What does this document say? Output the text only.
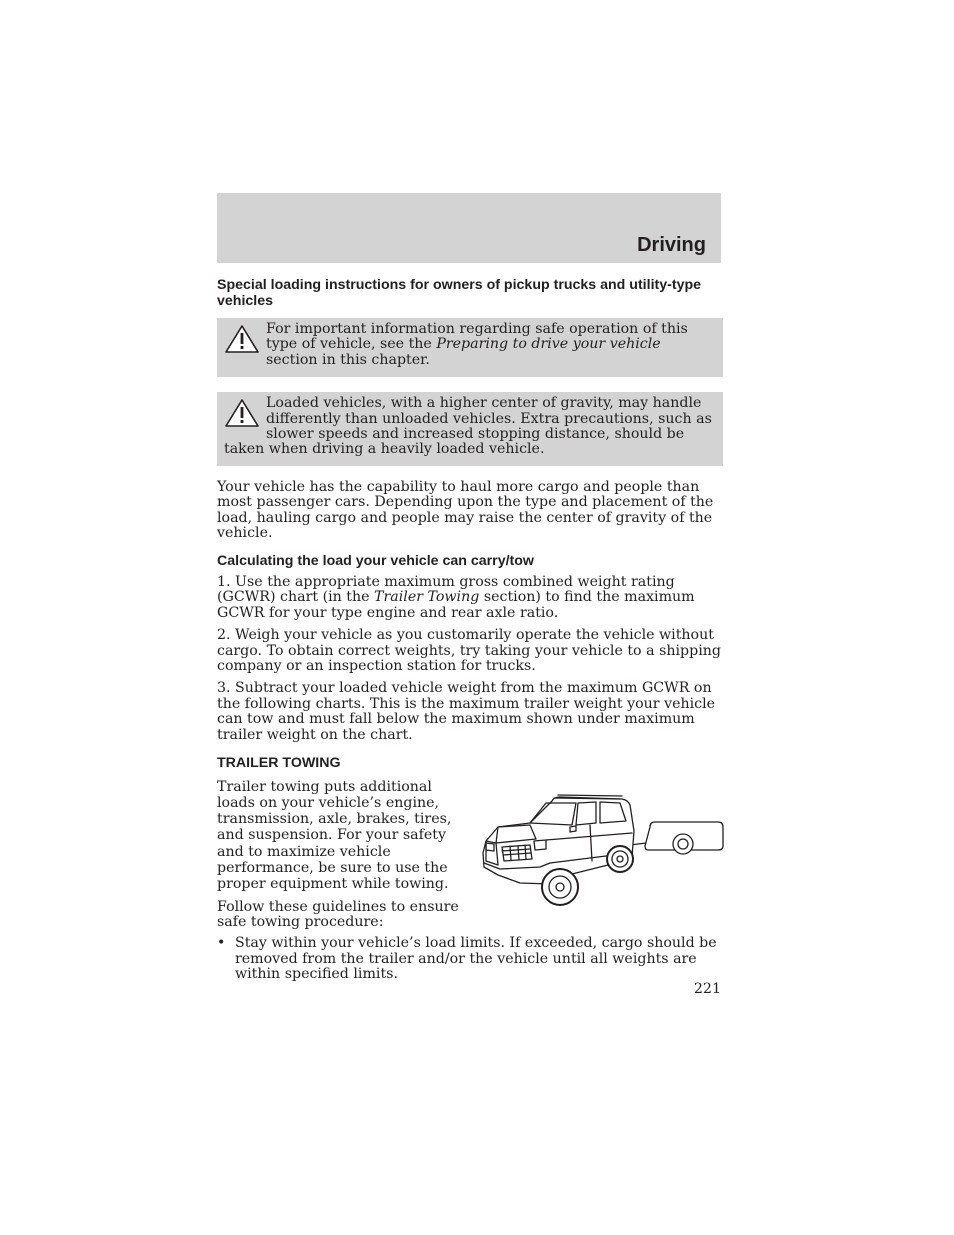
Driving
Special loading instructions for owners of pickup trucks and utility-type vehicles

For important information regarding safe operation of this type of vehicle, see the Preparing to drive your vehicle section in this chapter.

Loaded vehicles, with a higher center of gravity, may handle differently than unloaded vehicles. Extra precautions, such as slower speeds and increased stopping distance, should be taken when driving a heavily loaded vehicle.

Your vehicle has the capability to haul more cargo and people than most passenger cars. Depending upon the type and placement of the load, hauling cargo and people may raise the center of gravity of the vehicle.

Calculating the load your vehicle can carry/tow

1. Use the appropriate maximum gross combined weight rating (GCWR) chart (in the Trailer Towing section) to find the maximum GCWR for your type engine and rear axle ratio.

2. Weigh your vehicle as you customarily operate the vehicle without cargo. To obtain correct weights, try taking your vehicle to a shipping company or an inspection station for trucks.

3. Subtract your loaded vehicle weight from the maximum GCWR on the following charts. This is the maximum trailer weight your vehicle can tow and must fall below the maximum shown under maximum trailer weight on the chart.

TRAILER TOWING

Trailer towing puts additional loads on your vehicle’s engine, transmission, axle, brakes, tires, and suspension. For your safety and to maximize vehicle performance, be sure to use the proper equipment while towing.

Follow these guidelines to ensure safe towing procedure:

• Stay within your vehicle’s load limits. If exceeded, cargo should be removed from the trailer and/or the vehicle until all weights are within specified limits.
221
